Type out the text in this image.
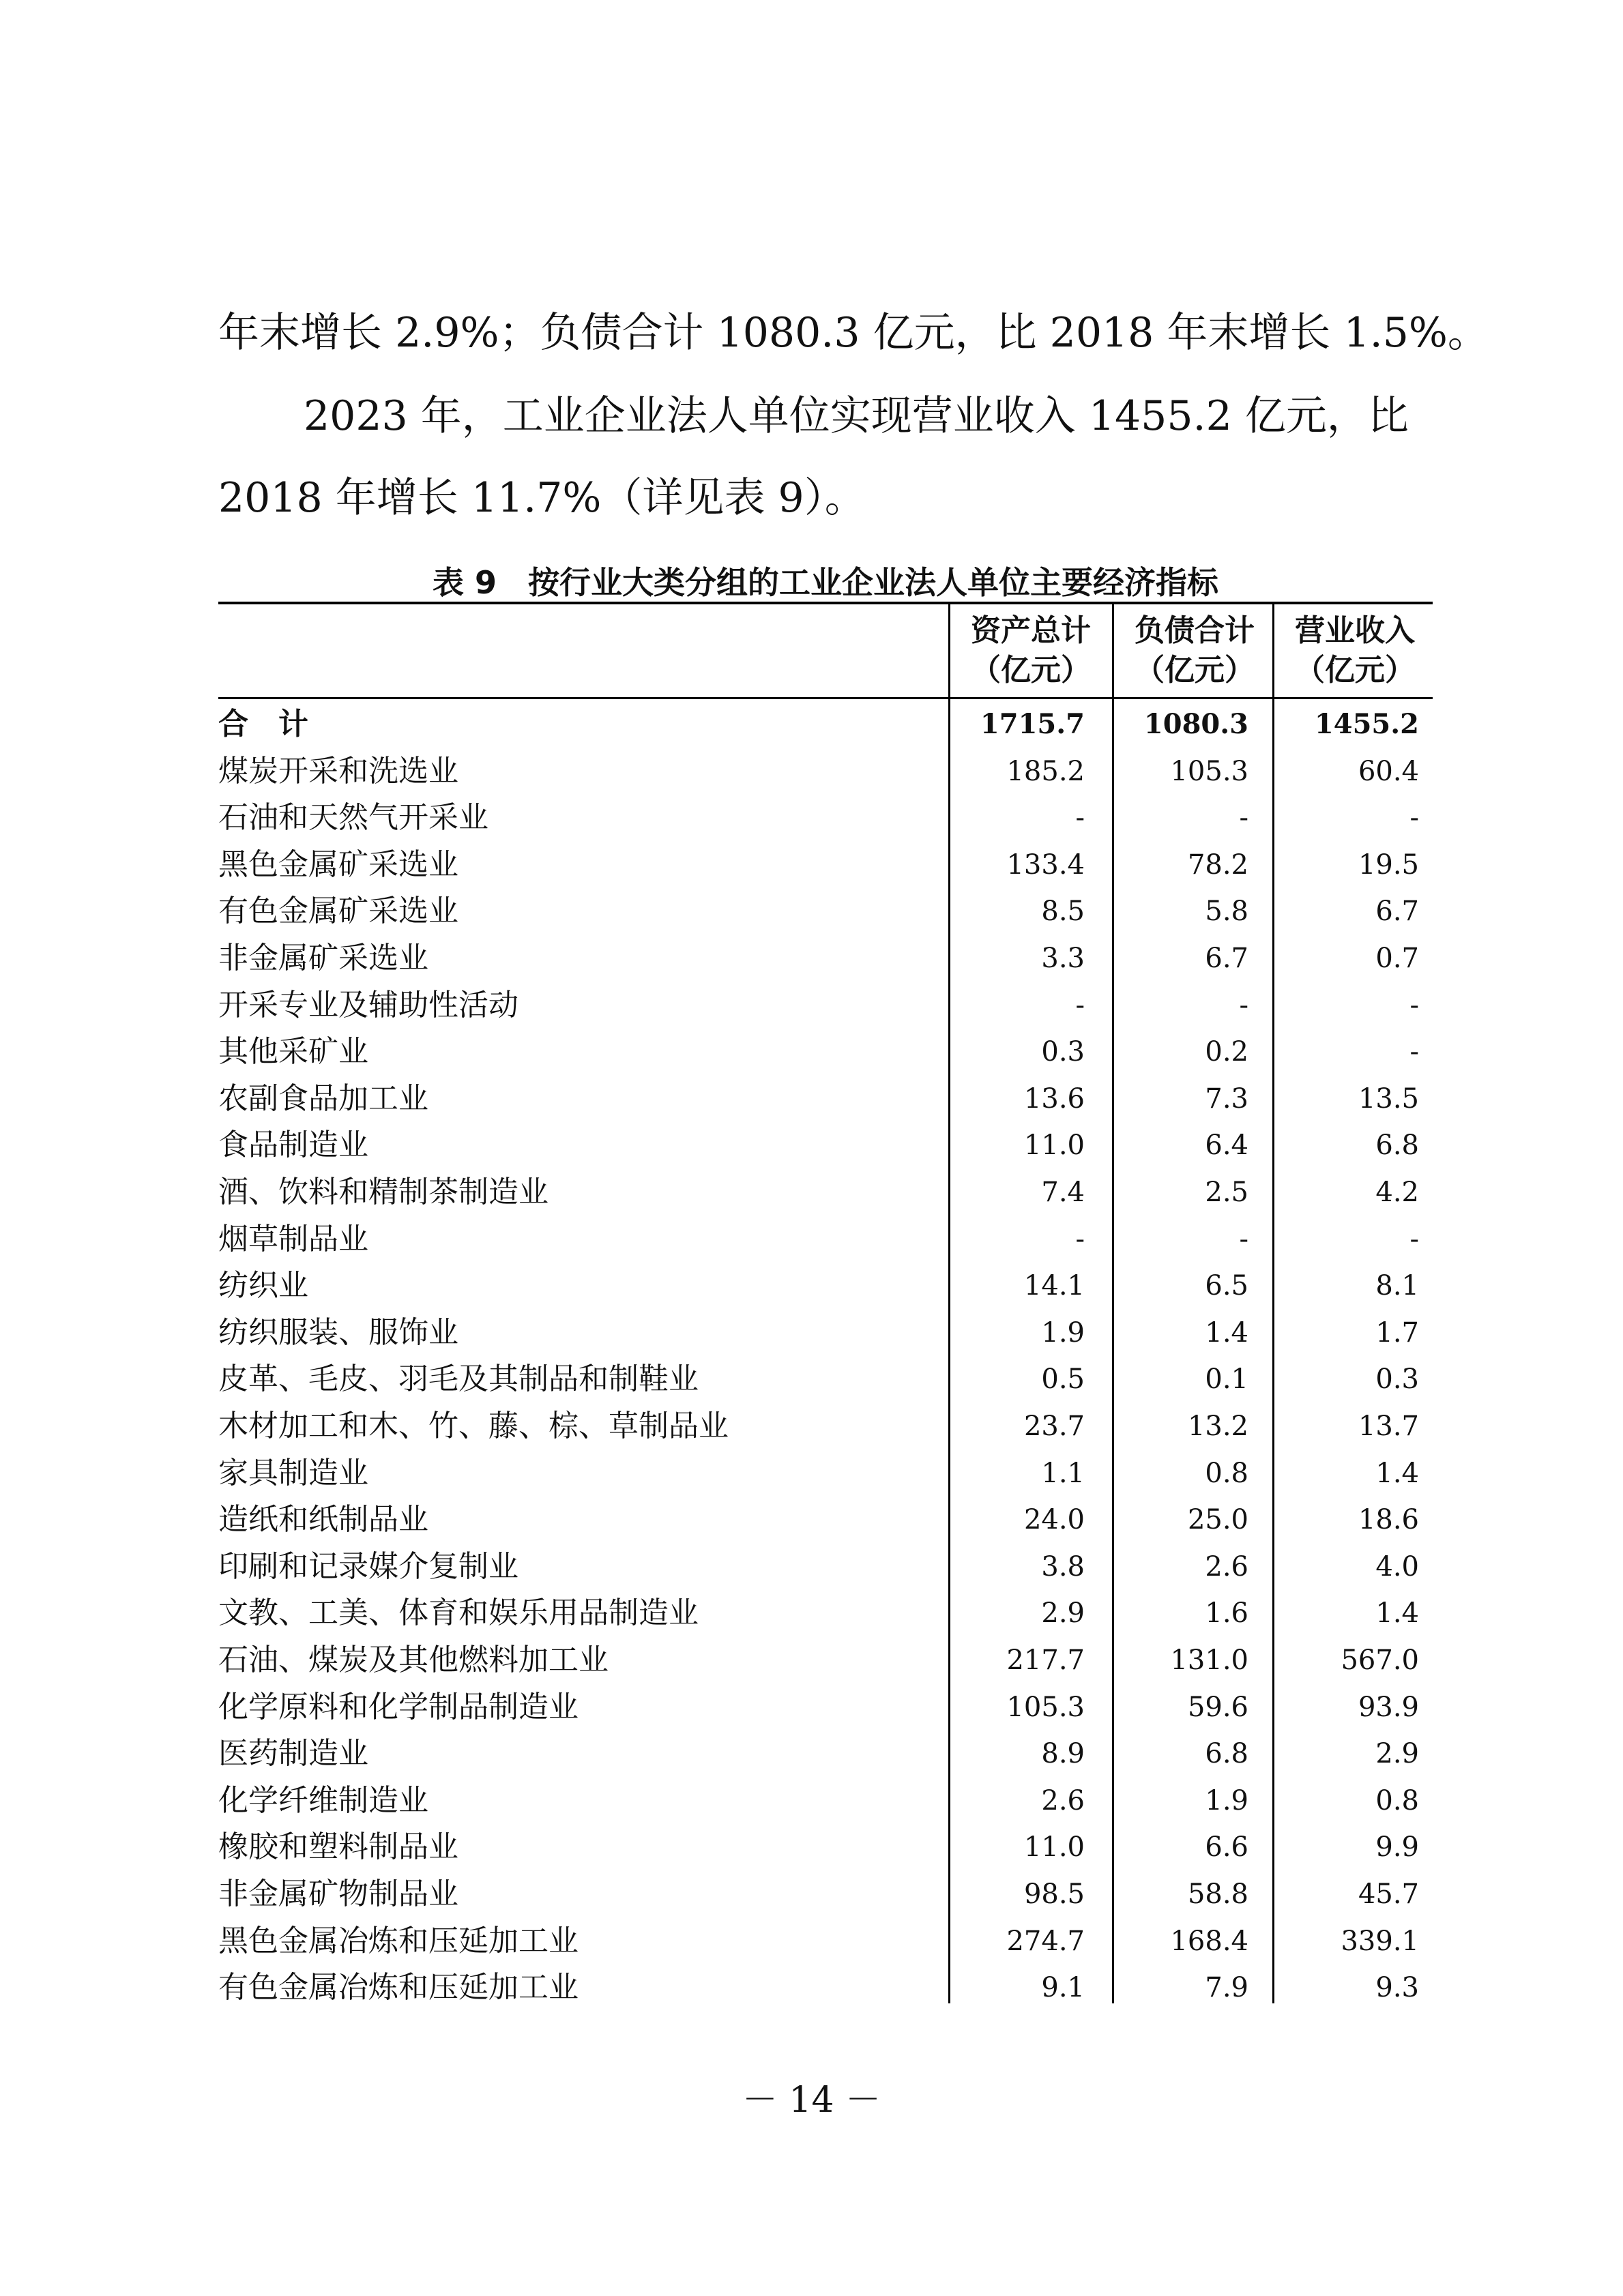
年末增长 2.9%；负债合计 1080.3 亿元，比 2018 年末增长 1.5%。
2023 年，工业企业法人单位实现营业收入 1455.2 亿元，比
2018 年增长 11.7%（详见表 9）。
表 9　按行业大类分组的工业企业法人单位主要经济指标
资产总计
（亿元）
负债合计
（亿元）
营业收入
（亿元）
合　计	1715.7	1080.3	1455.2
煤炭开采和洗选业	185.2	105.3	60.4
石油和天然气开采业	-	-	-
黑色金属矿采选业	133.4	78.2	19.5
有色金属矿采选业	8.5	5.8	6.7
非金属矿采选业	3.3	6.7	0.7
开采专业及辅助性活动	-	-	-
其他采矿业	0.3	0.2	-
农副食品加工业	13.6	7.3	13.5
食品制造业	11.0	6.4	6.8
酒、饮料和精制茶制造业	7.4	2.5	4.2
烟草制品业	-	-	-
纺织业	14.1	6.5	8.1
纺织服装、服饰业	1.9	1.4	1.7
皮革、毛皮、羽毛及其制品和制鞋业	0.5	0.1	0.3
木材加工和木、竹、藤、棕、草制品业	23.7	13.2	13.7
家具制造业	1.1	0.8	1.4
造纸和纸制品业	24.0	25.0	18.6
印刷和记录媒介复制业	3.8	2.6	4.0
文教、工美、体育和娱乐用品制造业	2.9	1.6	1.4
石油、煤炭及其他燃料加工业	217.7	131.0	567.0
化学原料和化学制品制造业	105.3	59.6	93.9
医药制造业	8.9	6.8	2.9
化学纤维制造业	2.6	1.9	0.8
橡胶和塑料制品业	11.0	6.6	9.9
非金属矿物制品业	98.5	58.8	45.7
黑色金属冶炼和压延加工业	274.7	168.4	339.1
有色金属冶炼和压延加工业	9.1	7.9	9.3
－ 14 －
